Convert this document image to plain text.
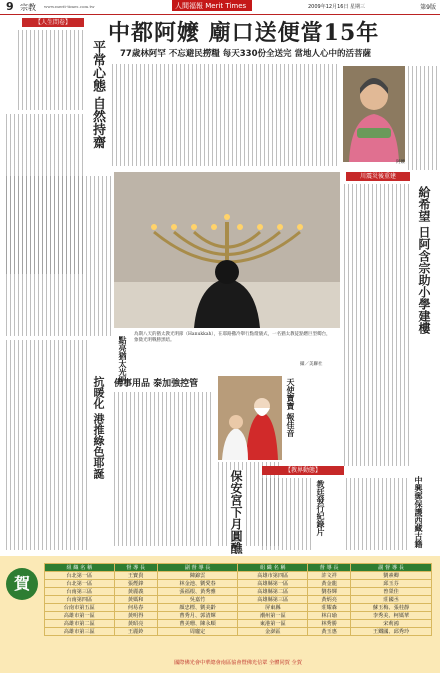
9 宗教 www.merit-times.com.tw	人間福報 Merit Times	2009年12月16日 星期三	第9版
【人生問卷】
平常心態 自然持齋
中都阿嬤 廟口送便當15年
77歲林阿罕 不忘避民撈糧 每天330份全送完 當地人心中的活菩薩
阿嬤
點亮猶太光明
為期八天的猶太教光明節（Hanukkah），在耶路撒冷舉行點燈儀式，一名猶太教徒點燃巨型燭台，象徵光明戰勝黑暗。
攝／美聯社
川震災後重建
給希望 日阿含宗助小學建樓
抗暖化 港推綠色耶誕 佛事用品 泰加強控管	天使寶寶 報佳音
保安宮下月圓醮	【教界動態】
教廷發行紀錄片	中興郵保護西藏古籍
賀
組 織 名 稱	督 導 長	副 督 導 長	組 織 名 稱	督 導 長	副 督 導 長
台北第一區	王寶貴	陳錦雲	高雄市第四區	許文祥	劉素卿
台北第一區	張煙鋒	林金池、劉愛春	高雄縣第一區	黃金龍	邱玉芬
台南第三區	黃麗義	張福根、黃秀雅	高雄縣第二區	劉春輝	曾榮佳
台南第四區	黃媽和	吳嘉竹	高雄縣第三區	黃炳亮	莊國丞
台南市第五區	何易春	顏忠標、劉美齡	屏東縣	莊耀森	蘇玉梅、張桂靜
高雄市第一區	黃明得	曹秀月、郭清輝	潮州第一區	林白瑜	李秀美、柯媽華
高雄市第二區	黃昭亮	曹美珊、陳永順	東港第一區	林秀勝	宋莉鴻
高雄市第三區	王麗鈴	周龐定	金澎區	黃玉惠	王鐵國、邱秀玲
國際佛光會中華總會南區協會暨佛光信眾 全體同賀 全賀
